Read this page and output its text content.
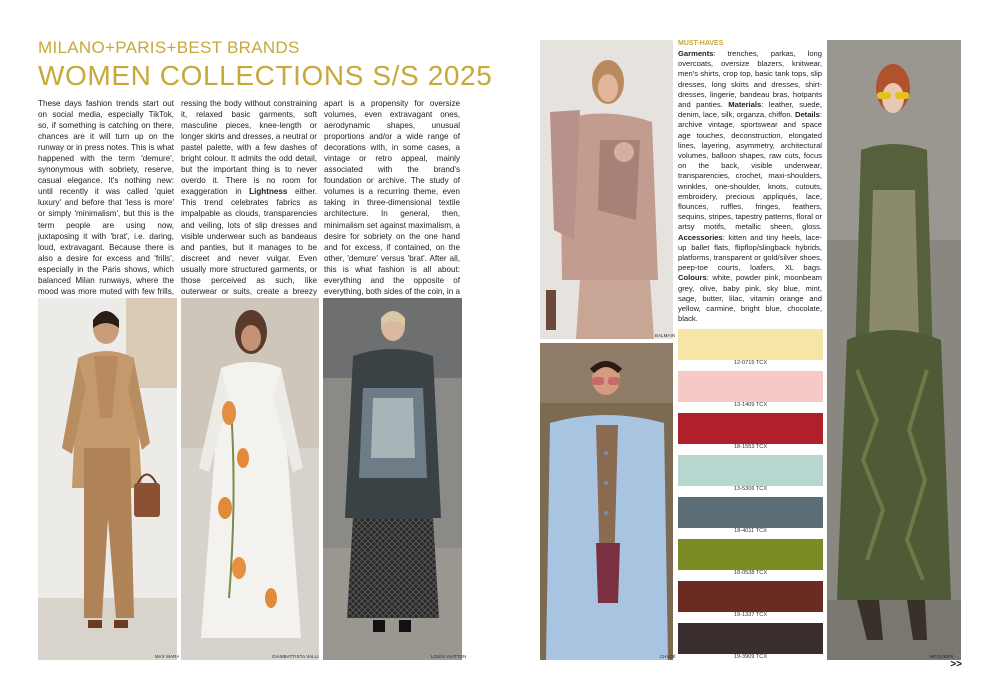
MILANO+PARIS+BEST BRANDS
WOMEN COLLECTIONS S/S 2025
These days fashion trends start out on social media, especially TikTok, so, if something is catching on there, chances are it will turn up on the runway or in press notes. This is what happened with the term 'demure', synonymous with sobriety, reserve, casual elegance. It's nothing new: until recently it was called 'quiet luxury' and before that 'less is more' or simply 'minimalism', but this is the term people are using now, juxtaposing it with 'brat', i.e. daring, loud, extravagant. Because there is also a desire for excess and 'frills', especially in the Paris shows, which balanced Milan runways, where the mood was more muted with few frills,
ressing the body without constraining it, relaxed basic garments, soft masculine pieces, knee-length or longer skirts and dresses, a neutral or pastel palette, with a few dashes of bright colour. It admits the odd detail, but the important thing is to never overdo it. There is no room for exaggeration in Lightness either. This trend celebrates fabrics as impalpable as clouds, transparencies and veiling, lots of slip dresses and visible underwear such as bandeaus and panties, but it manages to be discreet and never vulgar. Even usually more structured garments, or those perceived as such, like outerwear or suits, create a breezy
apart is a propensity for oversize volumes, even extravagant ones, aerodynamic shapes, unusual proportions and/or a wide range of decorations with, in some cases, a vintage or retro appeal, mainly associated with the brand's foundation or archive. The study of volumes is a recurring theme, even taking in three-dimensional textile architecture. In general, then, minimalism set against maximalism, a desire for sobriety on the one hand and for excess, if contained, on the other, 'demure' versus 'brat'. After all, this is what fashion is all about: everything and the opposite of everything, both sides of the coin, in a
MAX MARA	GIAMBATTISTA VALLI	LOUIS VUITTON
BALMAIN
CHLOÉ
MUST-HAVES
Garments: trenches, parkas, long overcoats, oversize blazers, knitwear, men's shirts, crop top, basic tank tops, slip dresses, long skirts and dresses, shirt-dresses, lingerie, bandeau bras, hotpants and panties. Materials: leather, suede, denim, lace, silk, organza, chiffon. Details: archive vintage, sportswear and space age touches, deconstruction, elongated lines, layering, asymmetry, architectural volumes, balloon shapes, raw cuts, focus on the back, visible underwear, transparencies, crochet, maxi-shoulders, wrinkles, one-shoulder, knots, cutouts, embroidery, precious appliqués, lace, flounces, ruffles, fringes, feathers, sequins, stripes, tapestry patterns, floral or artsy motifs, metallic sheen, gloss. Accessories: kitten and tiny heels, lace-up ballet flats, flipflop/slingback hybrids, platforms, transparent or gold/silver shoes, peep-toe courts, loafers, XL bags. Colours: white, powder pink, moonbeam grey, olive, baby pink, sky blue, mint, sage, butter, lilac, vitamin orange and yellow, carmine, bright blue, chocolate, black.
12-0715 TCX
13-1409 TCX
18-1553 TCX
13-5306 TCX
18-4011 TCX
18-0538 TCX
19-1337 TCX
19-3909 TCX	MCQUEEN
>>
